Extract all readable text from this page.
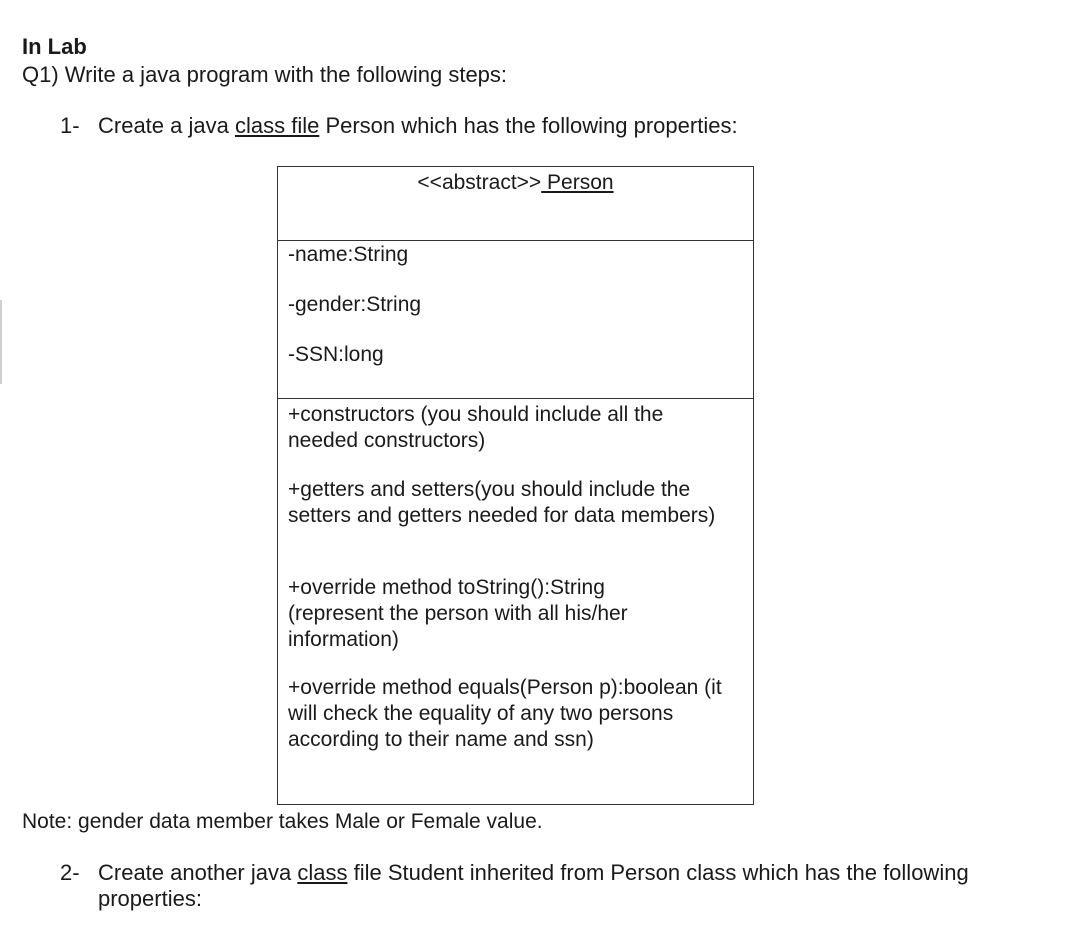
In Lab
Q1) Write a java program with the following steps:
1- Create a java class file Person which has the following properties:
<<abstract>> Person
-name:String
-gender:String
-SSN:long
+constructors (you should include all the needed constructors)
+getters and setters(you should include the setters and getters needed for data members)
+override method toString():String (represent the person with all his/her information)
+override method equals(Person p):boolean (it will check the equality of any two persons according to their name and ssn)
Note: gender data member takes Male or Female value.
2- Create another java class file Student inherited from Person class which has the following properties:
